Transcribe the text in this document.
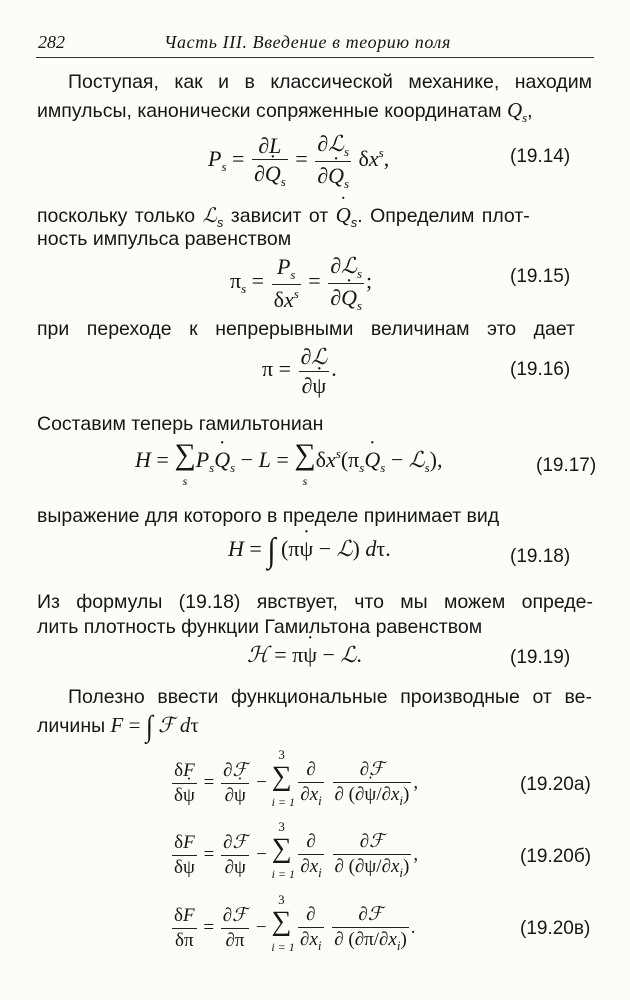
282	Часть III. Введение в теорию поля
Поступая, как и в классической механике, находим
импульсы, канонически сопряженные координатам $Q_s$,
$P_s = \frac{\partial L}{\partial Q ˙_s}$ =
∂ℒ$_s$
∂Q $˙_s$
$\delta x^s$,	(19.14)
поскольку только ℒ$_s$ зависит от Q $˙_s$. Определим плот-
ность импульса равенством
$\pi_s$ =
$P_s$
$\delta x^s$
=
∂ℒ$_s$
∂Q $˙_s$
;	(19.15)
при переходе к непрерывными величинам это дает
π = ∂ℒ
∂ψ ˙
.	(19.16)
Составим теперь гамильтониан
H = ∑
s
$P_sQ$ $˙_s - L$ = ∑
s
$\delta x^s(\pi_sQ$ $˙_s$ − ℒ$_s$),	(19.17)
выражение для которого в пределе принимает вид
H = ∫ (πψ ˙ − ℒ) dτ.	(19.18)
Из формулы (19.18) явствует, что мы можем опреде-
лить плотность функции Гамильтона равенством
ℋ = πψ ˙ − ℒ.	(19.19)
Полезно ввести функциональные производные от ве-
личины F = ∫ ℱ dτ
$\frac{\delta F}{\delta\psi}$ ˙ =
∂ℱ
∂ψ ˙
−
3
∑
i = 1

∂
$\partial x_i$

∂ℱ
∂ (∂ψ $˙/\partial x_i$)
,	(19.20а)
$\frac{\delta F}{\delta\psi}$ =
∂ℱ
∂ψ
−
3
∑
i = 1

∂
$\partial x_i$

∂ℱ
∂ $(\partial\psi/\partial x_i)$
,	(19.20б)
$\frac{\delta F}{\delta\pi}$ =
∂ℱ
∂π
−
3
∑
i = 1

∂
$\partial x_i$

∂ℱ
∂ $(\partial\pi/\partial x_i)$
.	(19.20в)
